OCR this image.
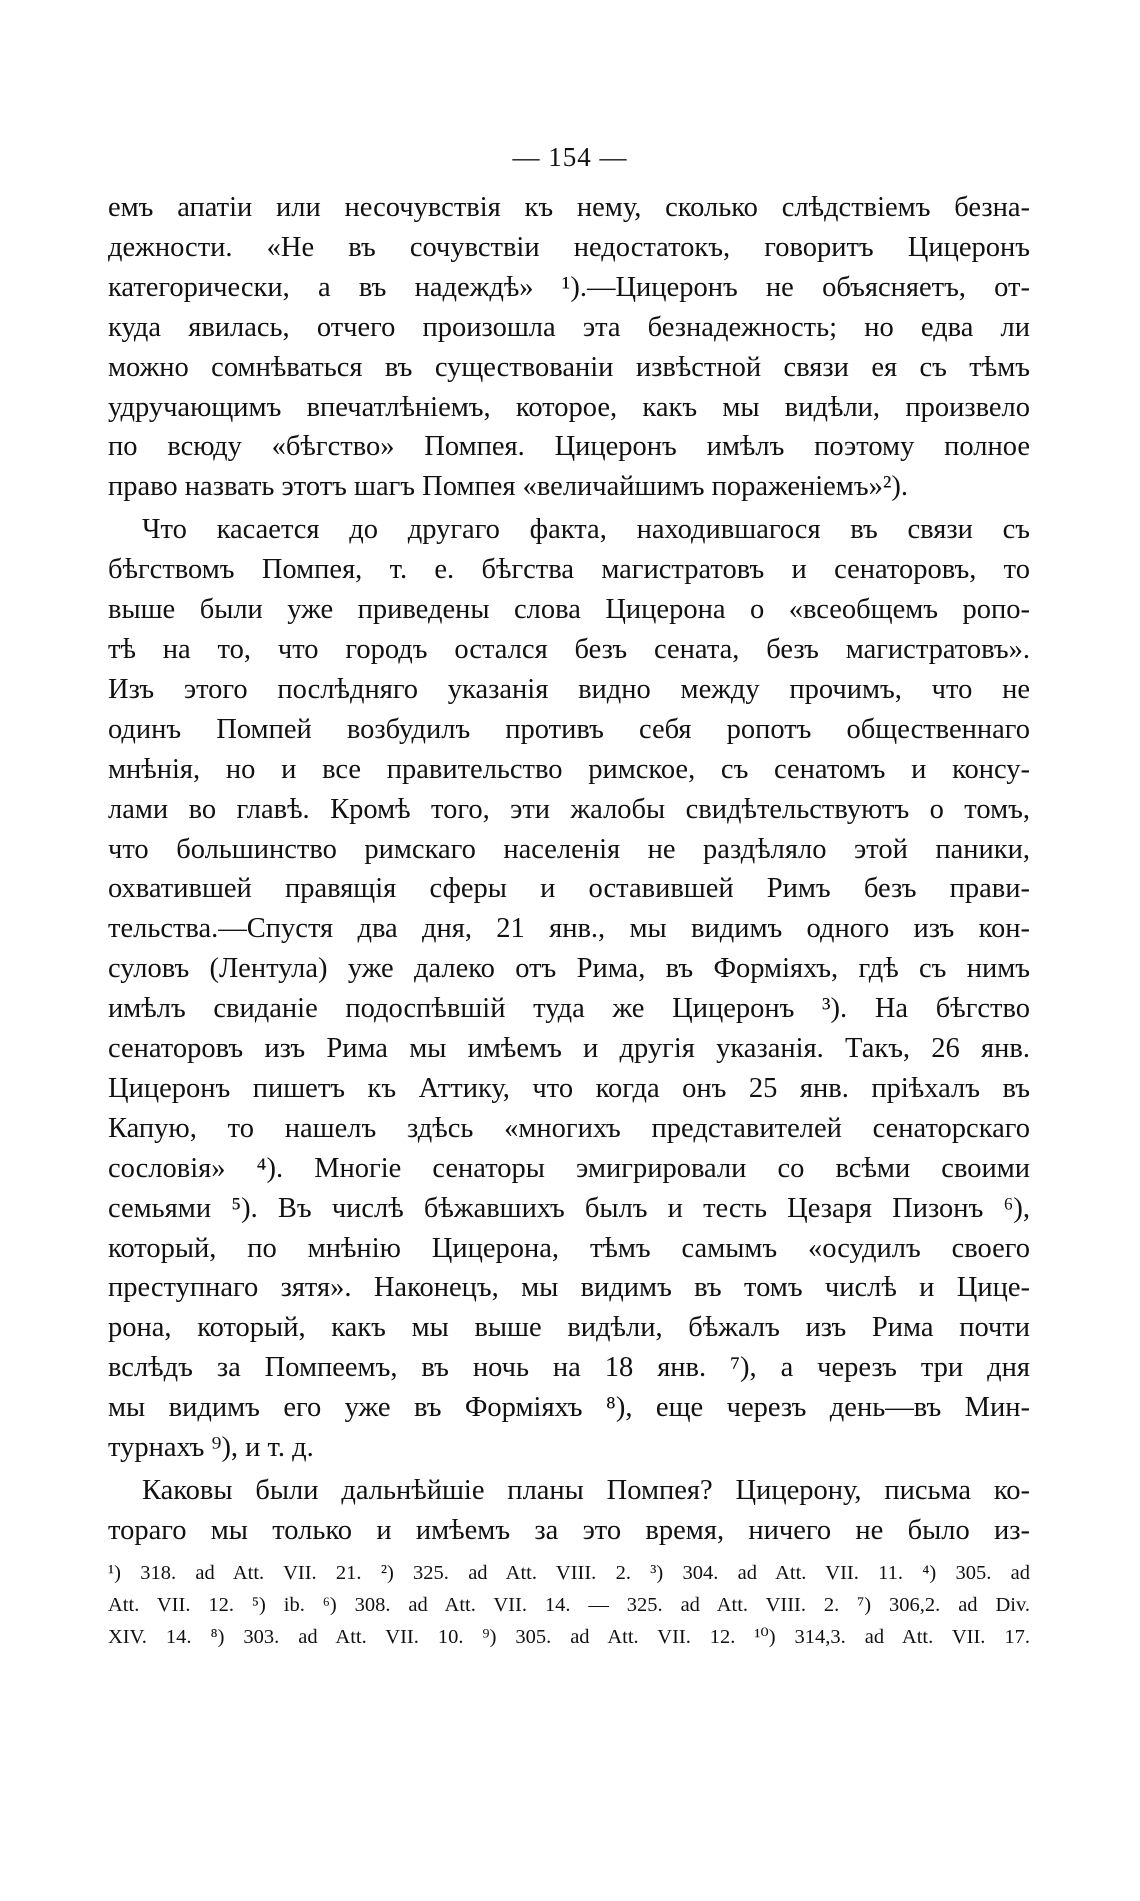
— 154 —
емъ апатіи или несочувствія къ нему, сколько слѣдствіемъ безна-
дежности. «Не въ сочувствіи недостатокъ, говоритъ Цицеронъ
категорически, а въ надеждѣ» ¹).—Цицеронъ не объясняетъ, от-
куда явилась, отчего произошла эта безнадежность; но едва ли
можно сомнѣваться въ существованіи извѣстной связи ея съ тѣмъ
удручающимъ впечатлѣніемъ, которое, какъ мы видѣли, произвело
по всюду «бѣгство» Помпея. Цицеронъ имѣлъ поэтому полное
право назвать этотъ шагъ Помпея «величайшимъ пораженіемъ»²).
Что касается до другаго факта, находившагося въ связи съ
бѣгствомъ Помпея, т. е. бѣгства магистратовъ и сенаторовъ, то
выше были уже приведены слова Цицерона о «всеобщемъ ропо-
тѣ на то, что городъ остался безъ сената, безъ магистратовъ».
Изъ этого послѣдняго указанія видно между прочимъ, что не
одинъ Помпей возбудилъ противъ себя ропотъ общественнаго
мнѣнія, но и все правительство римское, съ сенатомъ и консу-
лами во главѣ. Кромѣ того, эти жалобы свидѣтельствуютъ о томъ,
что большинство римскаго населенія не раздѣляло этой паники,
охватившей правящія сферы и оставившей Римъ безъ прави-
тельства.—Спустя два дня, 21 янв., мы видимъ одного изъ кон-
суловъ (Лентула) уже далеко отъ Рима, въ Форміяхъ, гдѣ съ нимъ
имѣлъ свиданіе подоспѣвшій туда же Цицеронъ ³). На бѣгство
сенаторовъ изъ Рима мы имѣемъ и другія указанія. Такъ, 26 янв.
Цицеронъ пишетъ къ Аттику, что когда онъ 25 янв. пріѣхалъ въ
Капую, то нашелъ здѣсь «многихъ представителей сенаторскаго
сословія» ⁴). Многіе сенаторы эмигрировали со всѣми своими
семьями ⁵). Въ числѣ бѣжавшихъ былъ и тесть Цезаря Пизонъ ⁶),
который, по мнѣнію Цицерона, тѣмъ самымъ «осудилъ своего
преступнаго зятя». Наконецъ, мы видимъ въ томъ числѣ и Цице-
рона, который, какъ мы выше видѣли, бѣжалъ изъ Рима почти
вслѣдъ за Помпеемъ, въ ночь на 18 янв. ⁷), а черезъ три дня
мы видимъ его уже въ Форміяхъ ⁸), еще черезъ день—въ Мин-
турнахъ ⁹), и т. д.
Каковы были дальнѣйшіе планы Помпея? Цицерону, письма ко-
тораго мы только и имѣемъ за это время, ничего не было из-
¹) 318. ad Att. VII. 21. ²) 325. ad Att. VIII. 2. ³) 304. ad Att. VII. 11. ⁴) 305. ad
Att. VII. 12. ⁵) ib. ⁶) 308. ad Att. VII. 14. — 325. ad Att. VIII. 2. ⁷) 306,2. ad Div.
XIV. 14. ⁸) 303. ad Att. VII. 10. ⁹) 305. ad Att. VII. 12. ¹⁰) 314,3. ad Att. VII. 17.
